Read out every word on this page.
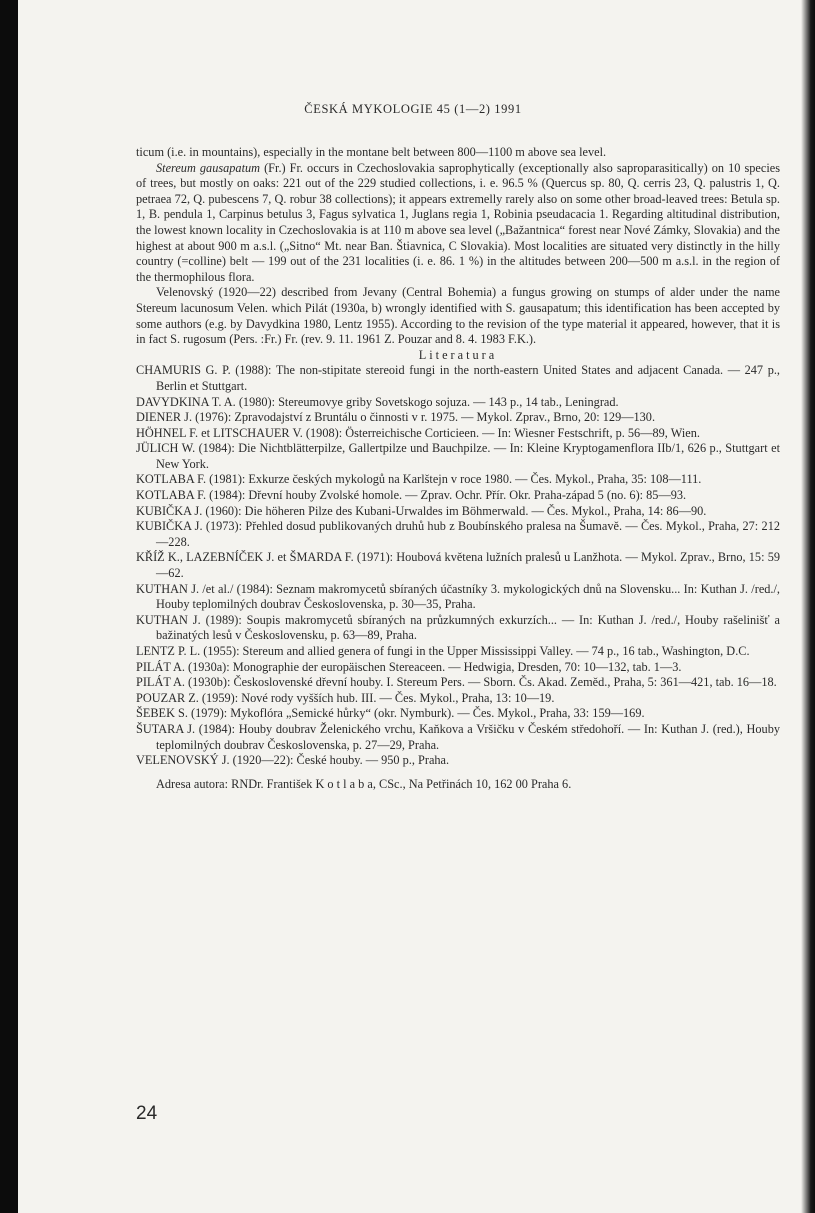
ČESKÁ MYKOLOGIE 45 (1—2) 1991

ticum (i.e. in mountains), especially in the montane belt between 800—1100 m above sea level.

Stereum gausapatum (Fr.) Fr. occurs in Czechoslovakia saprophytically (exceptionally also saproparasitically) on 10 species of trees, but mostly on oaks: 221 out of the 229 studied collections, i. e. 96.5 % (Quercus sp. 80, Q. cerris 23, Q. palustris 1, Q. petraea 72, Q. pubescens 7, Q. robur 38 collections); it appears extremelly rarely also on some other broad-leaved trees: Betula sp. 1, B. pendula 1, Carpinus betulus 3, Fagus sylvatica 1, Juglans regia 1, Robinia pseudacacia 1. Regarding altitudinal distribution, the lowest known locality in Czechoslovakia is at 110 m above sea level („Bažantnica“ forest near Nové Zámky, Slovakia) and the highest at about 900 m a.s.l. („Sitno“ Mt. near Ban. Štiavnica, C Slovakia). Most localities are situated very distinctly in the hilly country (=colline) belt — 199 out of the 231 localities (i. e. 86. 1 %) in the altitudes between 200—500 m a.s.l. in the region of the thermophilous flora.

Velenovský (1920—22) described from Jevany (Central Bohemia) a fungus growing on stumps of alder under the name Stereum lacunosum Velen. which Pilát (1930a, b) wrongly identified with S. gausapatum; this identification has been accepted by some authors (e.g. by Davydkina 1980, Lentz 1955). According to the revision of the type material it appeared, however, that it is in fact S. rugosum (Pers. :Fr.) Fr. (rev. 9. 11. 1961 Z. Pouzar and 8. 4. 1983 F.K.).

Literatura

CHAMURIS G. P. (1988): The non-stipitate stereoid fungi in the north-eastern United States and adjacent Canada. — 247 p., Berlin et Stuttgart.

DAVYDKINA T. A. (1980): Stereumovye griby Sovetskogo sojuza. — 143 p., 14 tab., Leningrad.

DIENER J. (1976): Zpravodajství z Bruntálu o činnosti v r. 1975. — Mykol. Zprav., Brno, 20: 129—130.

HÖHNEL F. et LITSCHAUER V. (1908): Österreichische Corticieen. — In: Wiesner Festschrift, p. 56—89, Wien.

JÜLICH W. (1984): Die Nichtblätterpilze, Gallertpilze und Bauchpilze. — In: Kleine Kryptogamenflora IIb/1, 626 p., Stuttgart et New York.

KOTLABA F. (1981): Exkurze českých mykologů na Karlštejn v roce 1980. — Čes. Mykol., Praha, 35: 108—111.

KOTLABA F. (1984): Dřevní houby Zvolské homole. — Zprav. Ochr. Přír. Okr. Praha-západ 5 (no. 6): 85—93.

KUBIČKA J. (1960): Die höheren Pilze des Kubani-Urwaldes im Böhmerwald. — Čes. Mykol., Praha, 14: 86—90.

KUBIČKA J. (1973): Přehled dosud publikovaných druhů hub z Boubínského pralesa na Šumavě. — Čes. Mykol., Praha, 27: 212—228.

KŘÍŽ K., LAZEBNÍČEK J. et ŠMARDA F. (1971): Houbová květena lužních pralesů u Lanžhota. — Mykol. Zprav., Brno, 15: 59—62.

KUTHAN J. /et al./ (1984): Seznam makromycetů sbíraných účastníky 3. mykologických dnů na Slovensku... In: Kuthan J. /red./, Houby teplomilných doubrav Československa, p. 30—35, Praha.

KUTHAN J. (1989): Soupis makromycetů sbíraných na průzkumných exkurzích... — In: Kuthan J. /red./, Houby rašelinišť a bažinatých lesů v Československu, p. 63—89, Praha.

LENTZ P. L. (1955): Stereum and allied genera of fungi in the Upper Mississippi Valley. — 74 p., 16 tab., Washington, D.C.

PILÁT A. (1930a): Monographie der europäischen Stereaceen. — Hedwigia, Dresden, 70: 10—132, tab. 1—3.

PILÁT A. (1930b): Československé dřevní houby. I. Stereum Pers. — Sborn. Čs. Akad. Zeměd., Praha, 5: 361—421, tab. 16—18.

POUZAR Z. (1959): Nové rody vyšších hub. III. — Čes. Mykol., Praha, 13: 10—19.

ŠEBEK S. (1979): Mykoflóra „Semické hůrky“ (okr. Nymburk). — Čes. Mykol., Praha, 33: 159—169.

ŠUTARA J. (1984): Houby doubrav Želenického vrchu, Kaňkova a Vršičku v Českém středohoří. — In: Kuthan J. (red.), Houby teplomilných doubrav Československa, p. 27—29, Praha.

VELENOVSKÝ J. (1920—22): České houby. — 950 p., Praha.

Adresa autora: RNDr. František K o t l a b a, CSc., Na Petřinách 10, 162 00 Praha 6.

24
